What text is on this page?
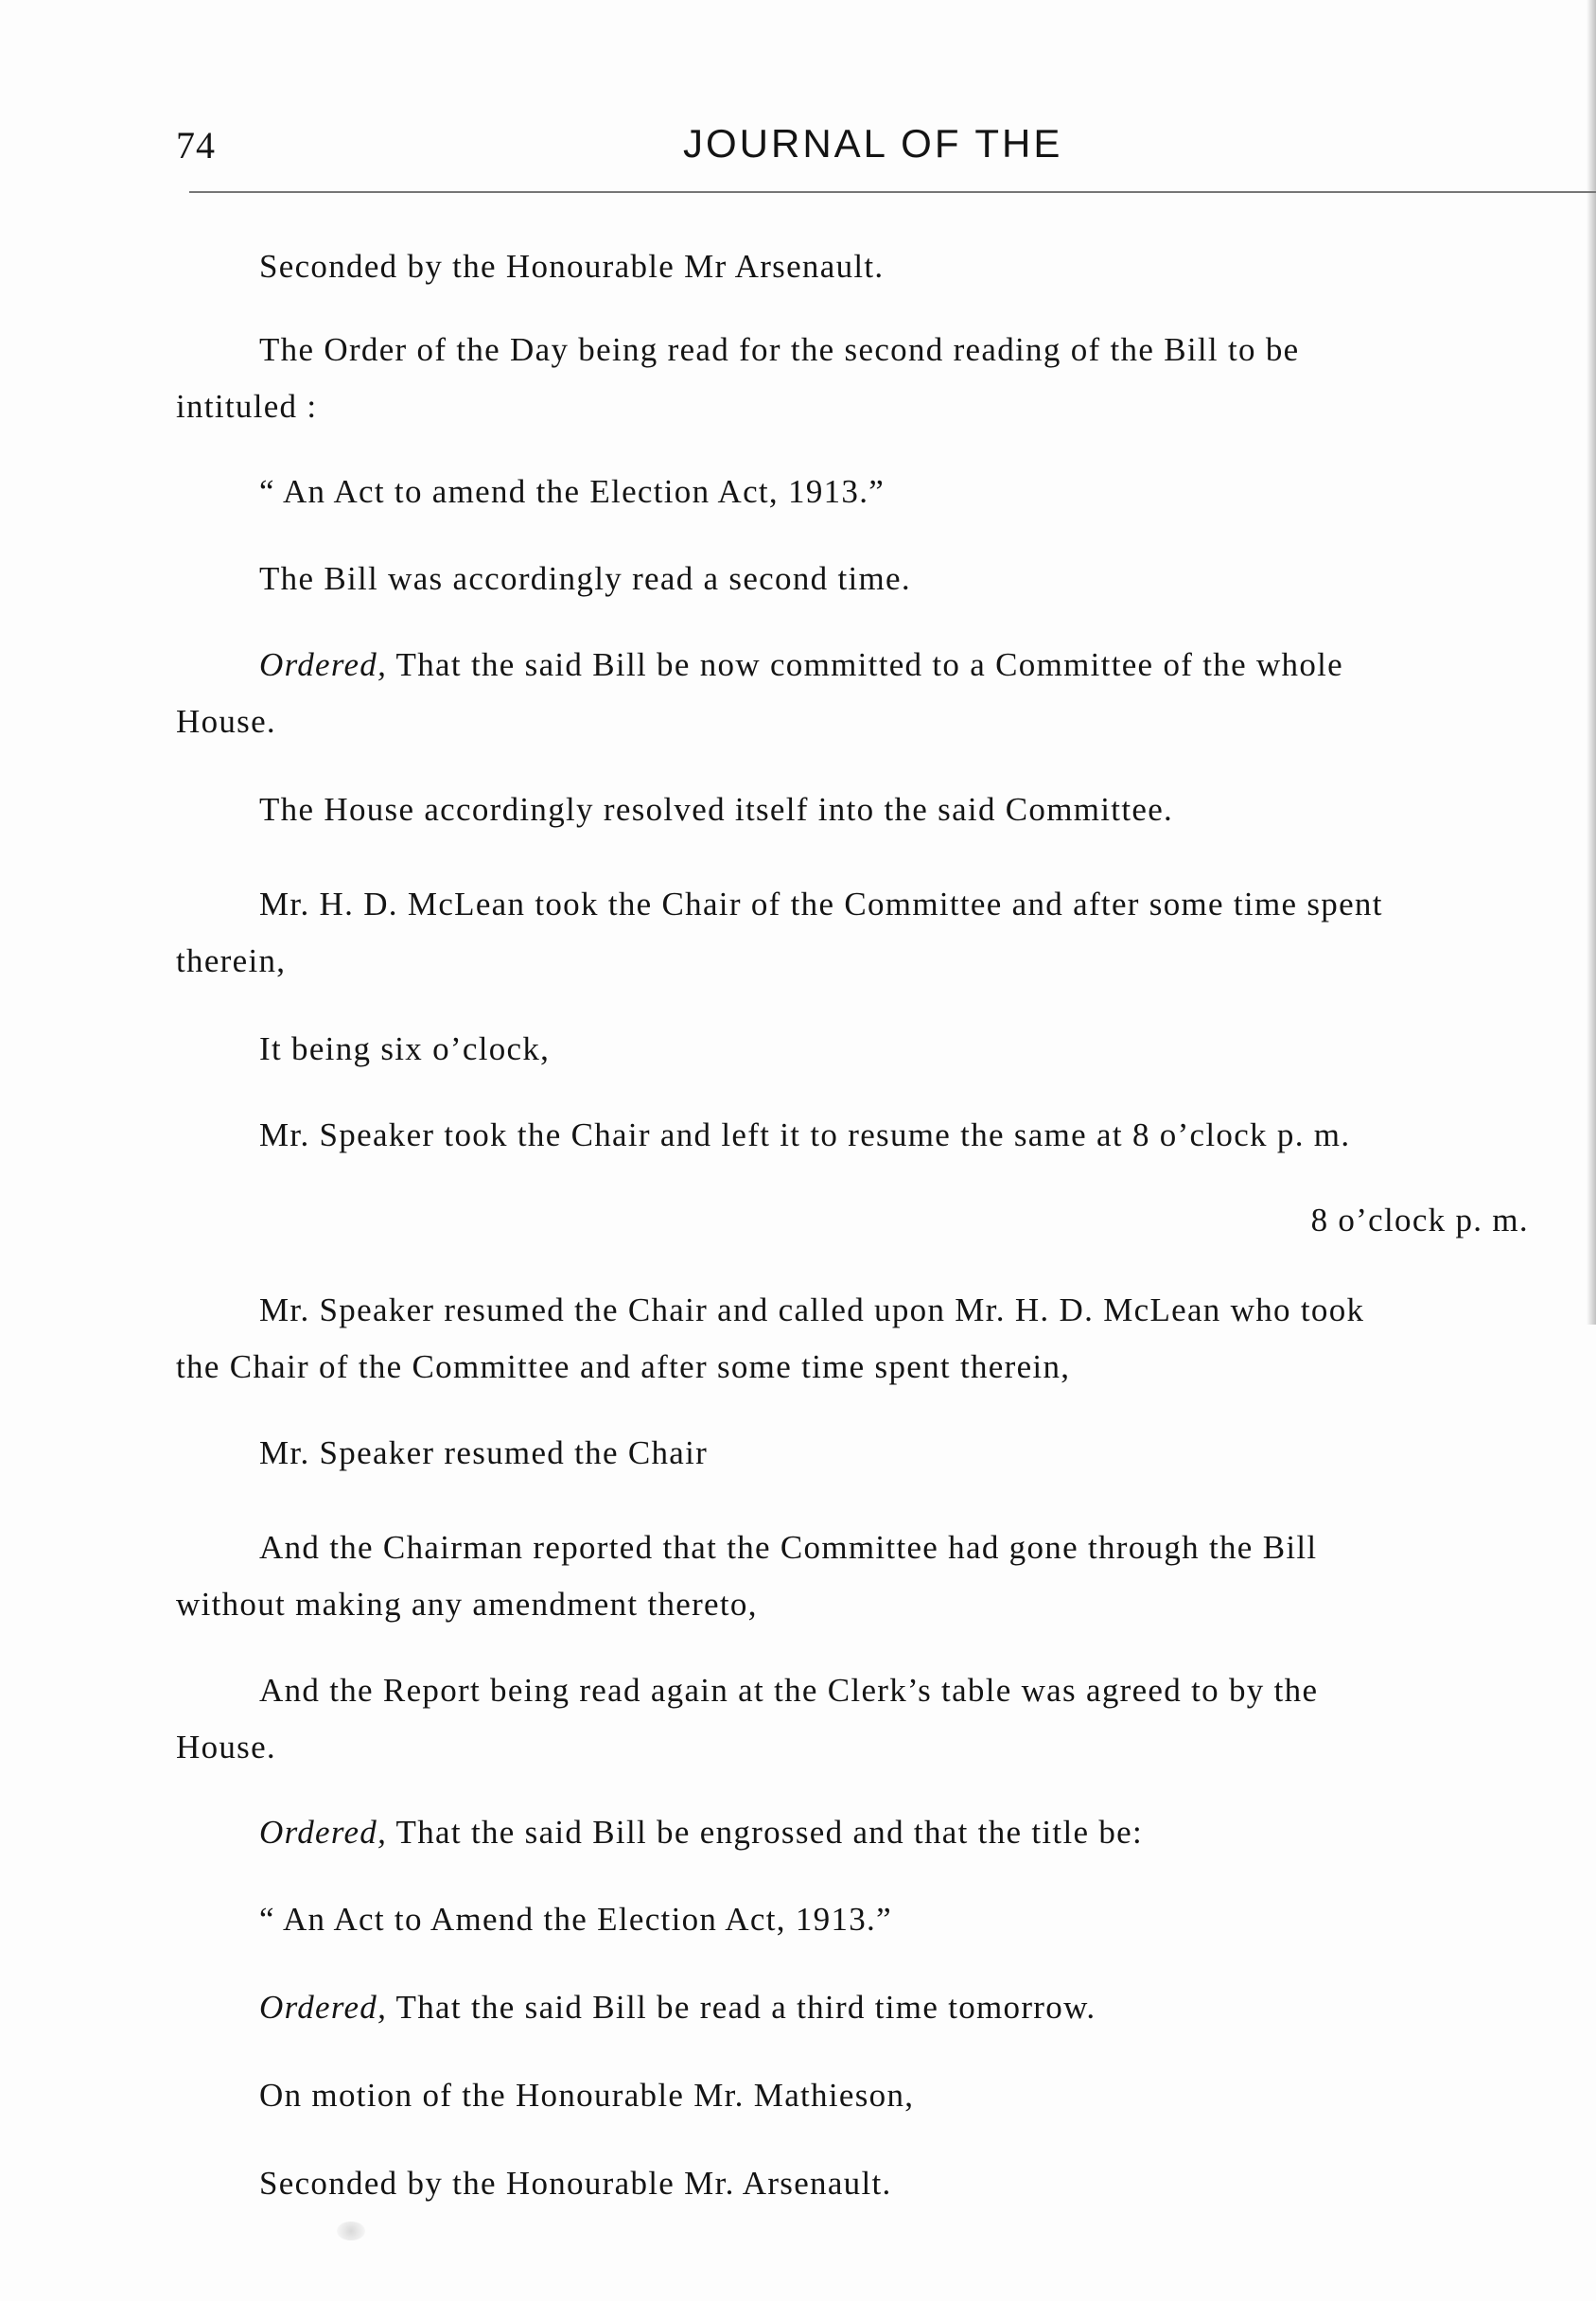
74	JOURNAL OF THE
Seconded by the Honourable Mr Arsenault.
The Order of the Day being read for the second reading of the Bill to be
intituled :
“ An Act to amend the Election Act, 1913.”
The Bill was accordingly read a second time.
Ordered, That the said Bill be now committed to a Committee of the whole
House.
The House accordingly resolved itself into the said Committee.
Mr. H. D. McLean took the Chair of the Committee and after some time spent
therein,
It being six o’clock,
Mr. Speaker took the Chair and left it to resume the same at 8 o’clock p. m.
8 o’clock p. m.
Mr. Speaker resumed the Chair and called upon Mr. H. D. McLean who took
the Chair of the Committee and after some time spent therein,
Mr. Speaker resumed the Chair
And the Chairman reported that the Committee had gone through the Bill
without making any amendment thereto,
And the Report being read again at the Clerk’s table was agreed to by the
House.
Ordered, That the said Bill be engrossed and that the title be:
“ An Act to Amend the Election Act, 1913.”
Ordered, That the said Bill be read a third time tomorrow.
On motion of the Honourable Mr. Mathieson,
Seconded by the Honourable Mr. Arsenault.
